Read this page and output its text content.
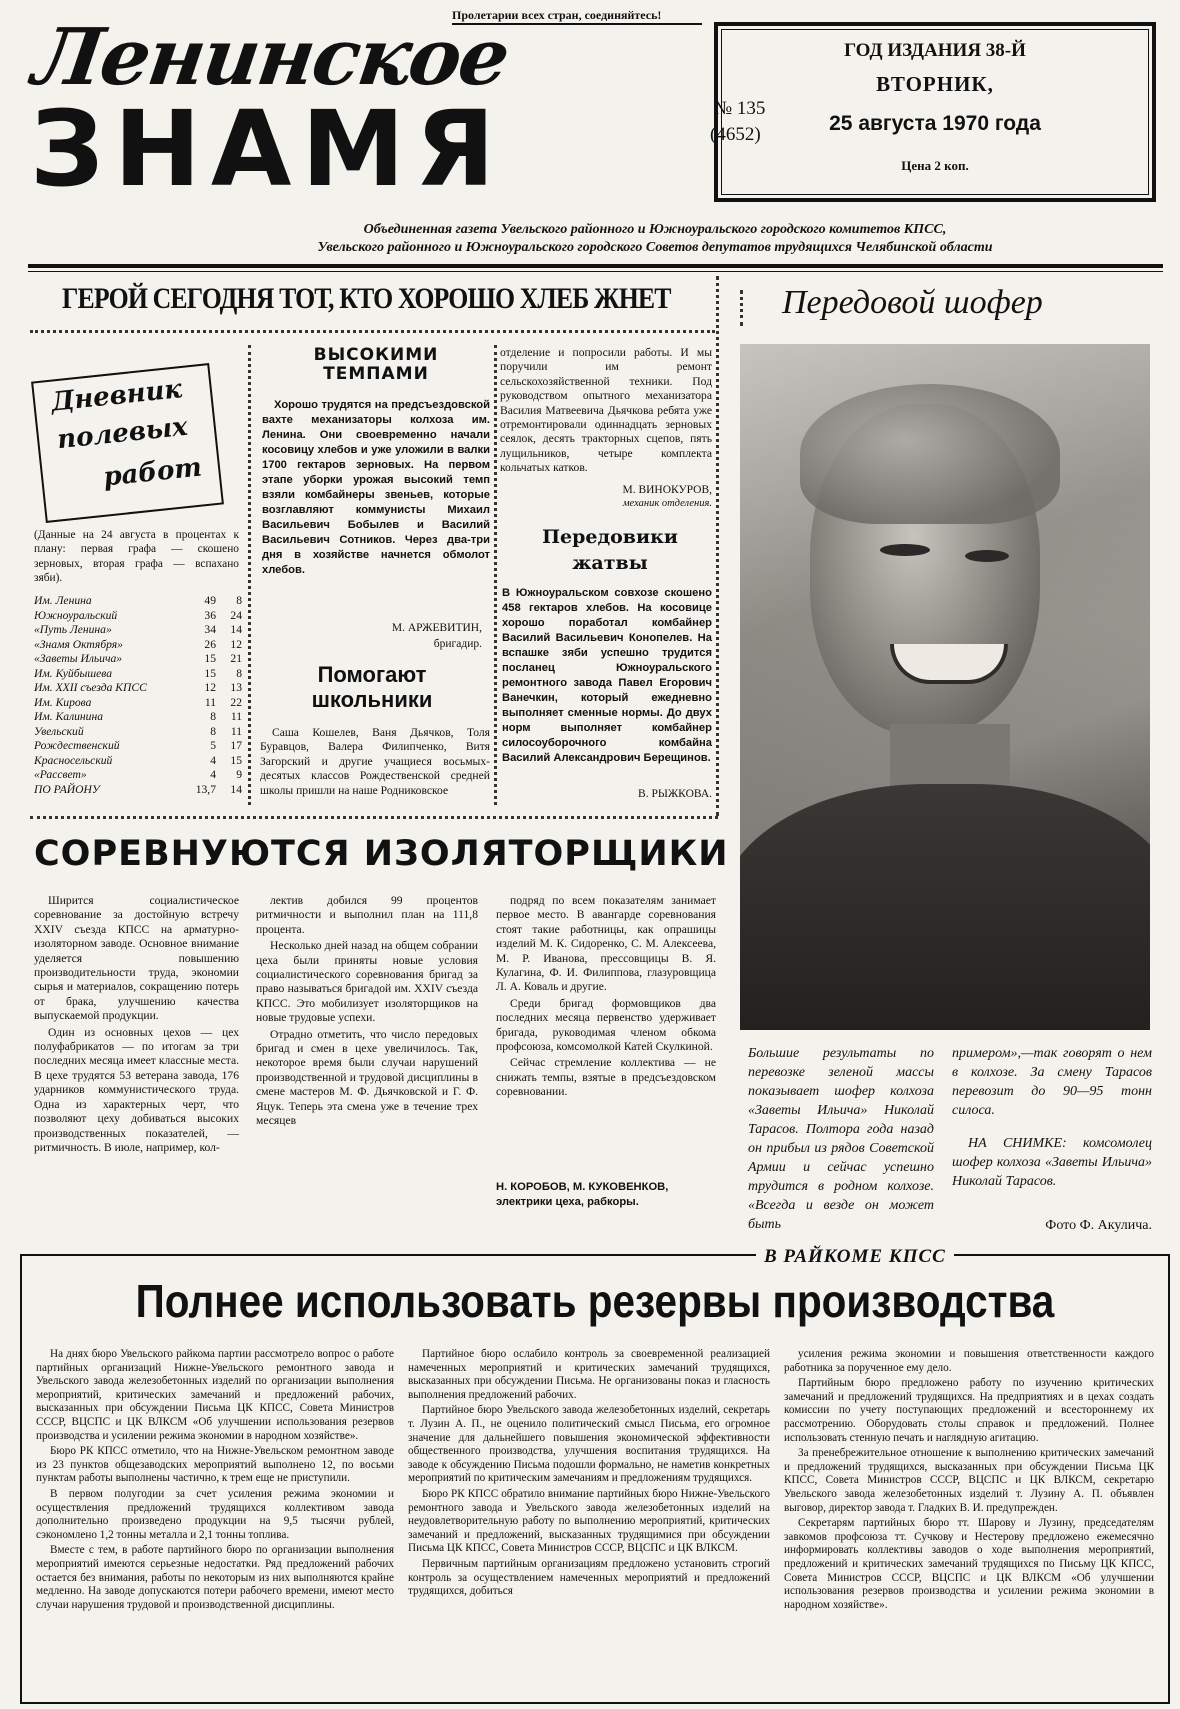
Пролетарии всех стран, соединяйтесь!
Ленинское
ЗНАМЯ	№ 135
(4652)
ГОД ИЗДАНИЯ 38-Й
ВТОРНИК,
25 августа 1970 года
Цена 2 коп.
Объединенная газета Увельского районного и Южноуральского городского комитетов КПСС,
Увельского районного и Южноуральского городского Советов депутатов трудящихся Челябинской области
ГЕРОЙ СЕГОДНЯ ТОТ, КТО ХОРОШО ХЛЕБ ЖНЕТ
Дневник
полевых
работ
(Данные на 24 августа в процентах к плану: первая графа — скошено зерновых, вторая графа — вспахано зяби).
Им. Ленина	49	8
Южноуральский	36	24
«Путь Ленина»	34	14
«Знамя Октября»	26	12
«Заветы Ильича»	15	21
Им. Куйбышева	15	8
Им. XXII съезда КПСС	12	13
Им. Кирова	11	22
Им. Калинина	8	11
Увельский	8	11
Рождественский	5	17
Красносельский	4	15
«Рассвет»	4	9
ПО РАЙОНУ	13,7	14
ВЫСОКИМИ ТЕМПАМИ
Хорошо трудятся на предсъездовской вахте механизаторы колхоза им. Ленина. Они своевременно начали косовицу хлебов и уже уложили в валки 1700 гектаров зерновых. На первом этапе уборки урожая высокий темп взяли комбайнеры звеньев, которые возглавляют коммунисты Михаил Васильевич Бобылев и Василий Васильевич Сотников. Через два-три дня в хозяйстве начнется обмолот хлебов.
М. АРЖЕВИТИН,
бригадир.
Помогают школьники
Саша Кошелев, Ваня Дьячков, Толя Буравцов, Валера Филипченко, Витя Загорский и другие учащиеся восьмых-десятых классов Рождественской средней школы пришли на наше Родниковское
отделение и попросили работы. И мы поручили им ремонт сельскохозяйственной техники. Под руководством опытного механизатора Василия Матвеевича Дьячкова ребята уже отремонтировали одиннадцать зерновых сеялок, десять тракторных сцепов, пять лущильников, четыре комплекта кольчатых катков.
М. ВИНОКУРОВ,
механик отделения.
Передовики жатвы
В Южноуральском совхозе скошено 458 гектаров хлебов. На косовице хорошо поработал комбайнер Василий Васильевич Конопелев. На вспашке зяби успешно трудится посланец Южноуральского ремонтного завода Павел Егорович Ванечкин, который ежедневно выполняет сменные нормы. До двух норм выполняет комбайнер силосоуборочного комбайна Василий Александрович Берещинов.
В. РЫЖКОВА.
Передовой шофер
Большие результаты по перевозке зеленой массы показывает шофер колхоза «Заветы Ильича» Николай Тарасов. Полтора года назад он прибыл из рядов Советской Армии и сейчас успешно трудится в родном колхозе. «Всегда и везде он может быть
примером»,—так говорят о нем в колхозе. За смену Тарасов перевозит до 90—95 тонн силоса.
НА СНИМКЕ: комсомолец шофер колхоза «Заветы Ильича» Николай Тарасов.
Фото Ф. Акулича.
СОРЕВНУЮТСЯ ИЗОЛЯТОРЩИКИ

Ширится социалистическое соревнование за достойную встречу XXIV съезда КПСС на арматурно-изоляторном заводе. Основное внимание уделяется повышению производительности труда, экономии сырья и материалов, сокращению потерь от брака, улучшению качества выпускаемой продукции.

Один из основных цехов — цех полуфабрикатов — по итогам за три последних месяца имеет классные места. В цехе трудятся 53 ветерана завода, 176 ударников коммунистического труда. Одна из характерных черт, что позволяют цеху добиваться высоких производственных показателей, — ритмичность. В июле, например, кол-

лектив добился 99 процентов ритмичности и выполнил план на 111,8 процента.

Несколько дней назад на общем собрании цеха были приняты новые условия социалистического соревнования бригад за право называться бригадой им. XXIV съезда КПСС. Это мобилизует изоляторщиков на новые трудовые успехи.

Отрадно отметить, что число передовых бригад и смен в цехе увеличилось. Так, некоторое время были случаи нарушений производственной и трудовой дисциплины в смене мастеров М. Ф. Дьячковской и Г. Ф. Яцук. Теперь эта смена уже в течение трех месяцев

подряд по всем показателям занимает первое место. В авангарде соревнования стоят такие работницы, как опрашицы изделий М. К. Сидоренко, С. М. Алексеева, М. Р. Иванова, прессовщицы В. Я. Кулагина, Ф. И. Филиппова, глазуровщица Л. А. Коваль и другие.

Среди бригад формовщиков два последних месяца первенство удерживает бригада, руководимая членом обкома профсоюза, комсомолкой Катей Скулкиной.

Сейчас стремление коллектива — не снижать темпы, взятые в предсъездовском соревновании.

Н. КОРОБОВ, М. КУКОВЕНКОВ, электрики цеха, рабкоры.
В РАЙКОМЕ КПСС
Полнее использовать резервы производства

На днях бюро Увельского райкома партии рассмотрело вопрос о работе партийных организаций Нижне-Увельского ремонтного завода и Увельского завода железобетонных изделий по организации выполнения мероприятий, критических замечаний и предложений рабочих, высказанных при обсуждении Письма ЦК КПСС, Совета Министров СССР, ВЦСПС и ЦК ВЛКСМ «Об улучшении использования резервов производства и усилении режима экономии в народном хозяйстве».

Бюро РК КПСС отметило, что на Нижне-Увельском ремонтном заводе из 23 пунктов общезаводских мероприятий выполнено 12, по восьми пунктам работы выполнены частично, к трем еще не приступили.

В первом полугодии за счет усиления режима экономии и осуществления предложений трудящихся коллективом завода дополнительно произведено продукции на 9,5 тысячи рублей, сэкономлено 1,2 тонны металла и 2,1 тонны топлива.

Вместе с тем, в работе партийного бюро по организации выполнения мероприятий имеются серьезные недостатки. Ряд предложений рабочих остается без внимания, работы по некоторым из них выполняются крайне медленно. На заводе допускаются потери рабочего времени, имеют место случаи нарушения трудовой и производственной дисциплины.

Партийное бюро ослабило контроль за своевременной реализацией намеченных мероприятий и критических замечаний трудящихся, высказанных при обсуждении Письма. Не организованы показ и гласность выполнения предложений рабочих.

Партийное бюро Увельского завода железобетонных изделий, секретарь т. Лузин А. П., не оценило политический смысл Письма, его огромное значение для дальнейшего повышения экономической эффективности общественного производства, улучшения воспитания трудящихся. На заводе к обсуждению Письма подошли формально, не наметив конкретных мероприятий по критическим замечаниям и предложениям трудящихся.

Бюро РК КПСС обратило внимание партийных бюро Нижне-Увельского ремонтного завода и Увельского завода железобетонных изделий на неудовлетворительную работу по выполнению мероприятий, критических замечаний и предложений, высказанных трудящимися при обсуждении Письма ЦК КПСС, Совета Министров СССР, ВЦСПС и ЦК ВЛКСМ.

Первичным партийным организациям предложено установить строгий контроль за осуществлением намеченных мероприятий и предложений трудящихся, добиться

усиления режима экономии и повышения ответственности каждого работника за порученное ему дело.

Партийным бюро предложено работу по изучению критических замечаний и предложений трудящихся. На предприятиях и в цехах создать комиссии по учету поступающих предложений и всестороннему их рассмотрению. Оборудовать столы справок и предложений. Полнее использовать стенную печать и наглядную агитацию.

За пренебрежительное отношение к выполнению критических замечаний и предложений трудящихся, высказанных при обсуждении Письма ЦК КПСС, Совета Министров СССР, ВЦСПС и ЦК ВЛКСМ, секретарю Увельского завода железобетонных изделий т. Лузину А. П. объявлен выговор, директор завода т. Гладких В. И. предупрежден.

Секретарям партийных бюро тт. Шарову и Лузину, председателям завкомов профсоюза тт. Сучкову и Нестерову предложено ежемесячно информировать коллективы заводов о ходе выполнения мероприятий, предложений и критических замечаний трудящихся по Письму ЦК КПСС, Совета Министров СССР, ВЦСПС и ЦК ВЛКСМ «Об улучшении использования резервов производства и усилении режима экономии в народном хозяйстве».
